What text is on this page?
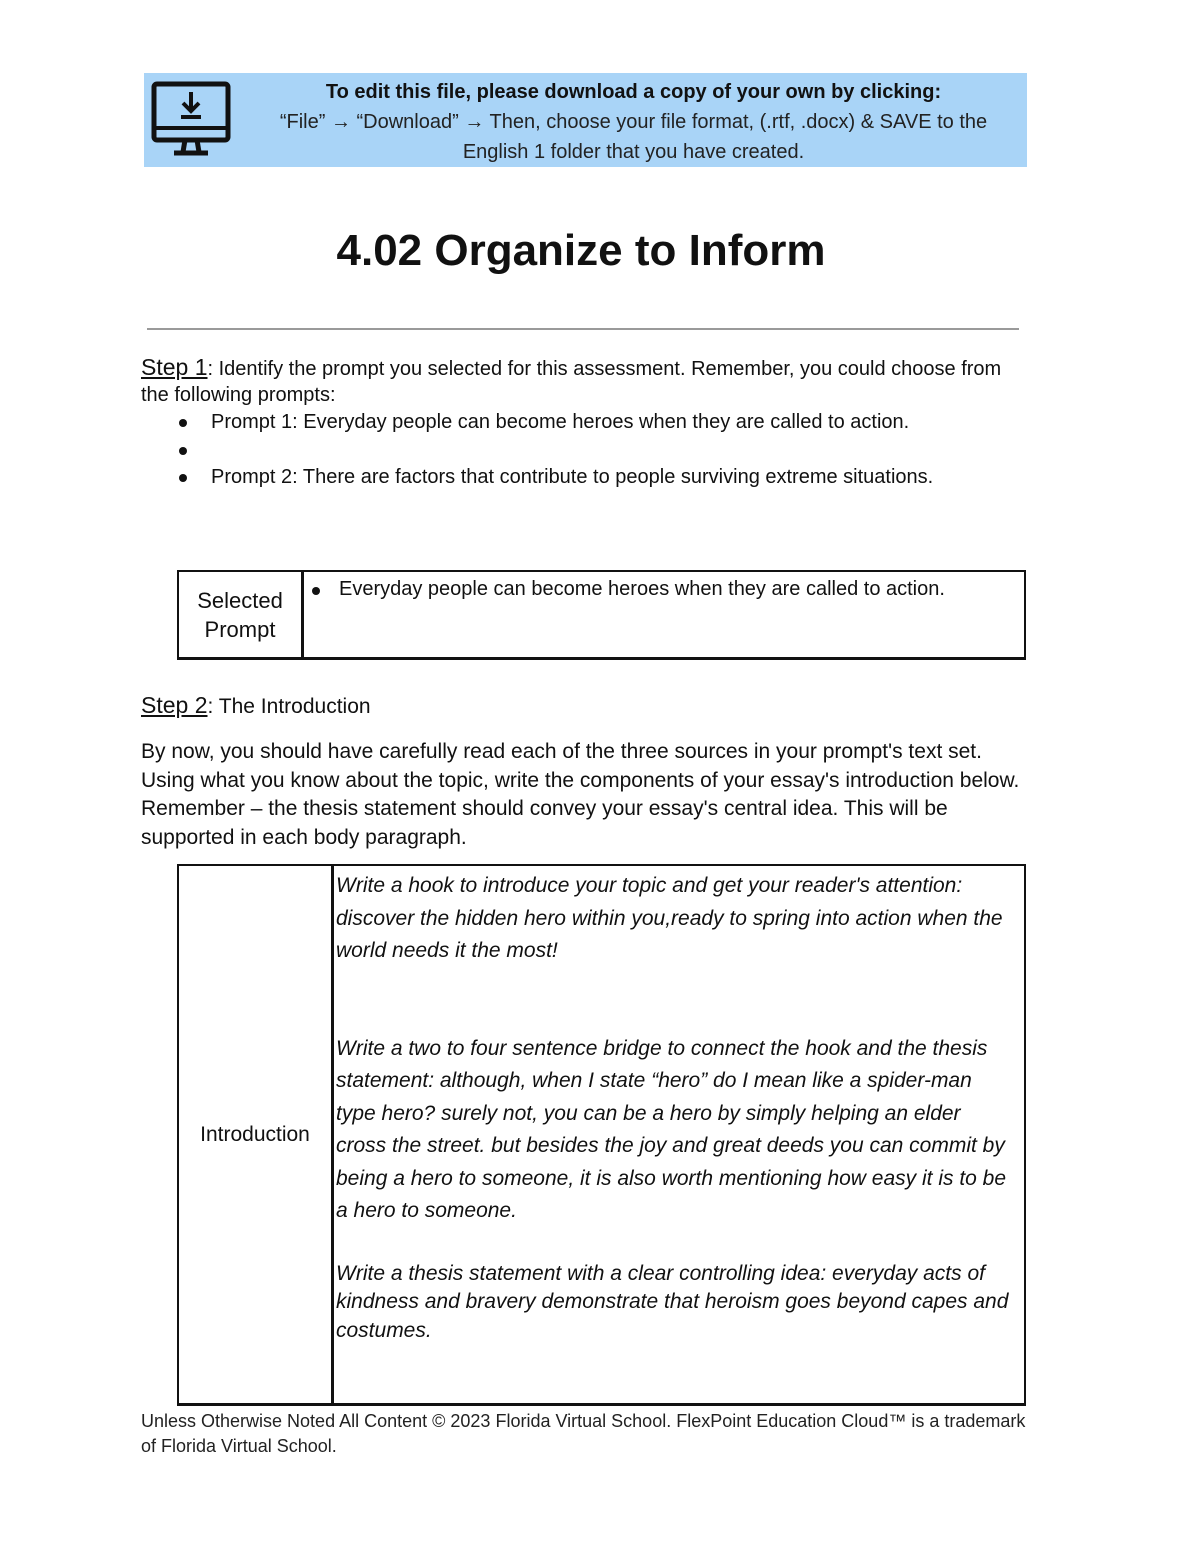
To edit this file, please download a copy of your own by clicking:
“File” → “Download” → Then, choose your file format, (.rtf, .docx) & SAVE to the
English 1 folder that you have created.
4.02 Organize to Inform
Step 1: Identify the prompt you selected for this assessment. Remember, you could choose from the following prompts:
Prompt 1: Everyday people can become heroes when they are called to action.
Prompt 2: There are factors that contribute to people surviving extreme situations.
Selected Prompt
Everyday people can become heroes when they are called to action.
Step 2: The Introduction
By now, you should have carefully read each of the three sources in your prompt's text set. Using what you know about the topic, write the components of your essay's introduction below. Remember – the thesis statement should convey your essay's central idea. This will be supported in each body paragraph.
Introduction
Write a hook to introduce your topic and get your reader's attention:
discover the hidden hero within you,ready to spring into action when the world needs it the most!
Write a two to four sentence bridge to connect the hook and the thesis statement: although, when I state “hero” do I mean like a spider-man type hero? surely not, you can be a hero by simply helping an elder cross the street. but besides the joy and great deeds you can commit by being a hero to someone, it is also worth mentioning how easy it is to be a hero to someone.
Write a thesis statement with a clear controlling idea: everyday acts of kindness and bravery demonstrate that heroism goes beyond capes and costumes.
Unless Otherwise Noted All Content © 2023 Florida Virtual School. FlexPoint Education Cloud™ is a trademark of Florida Virtual School.
